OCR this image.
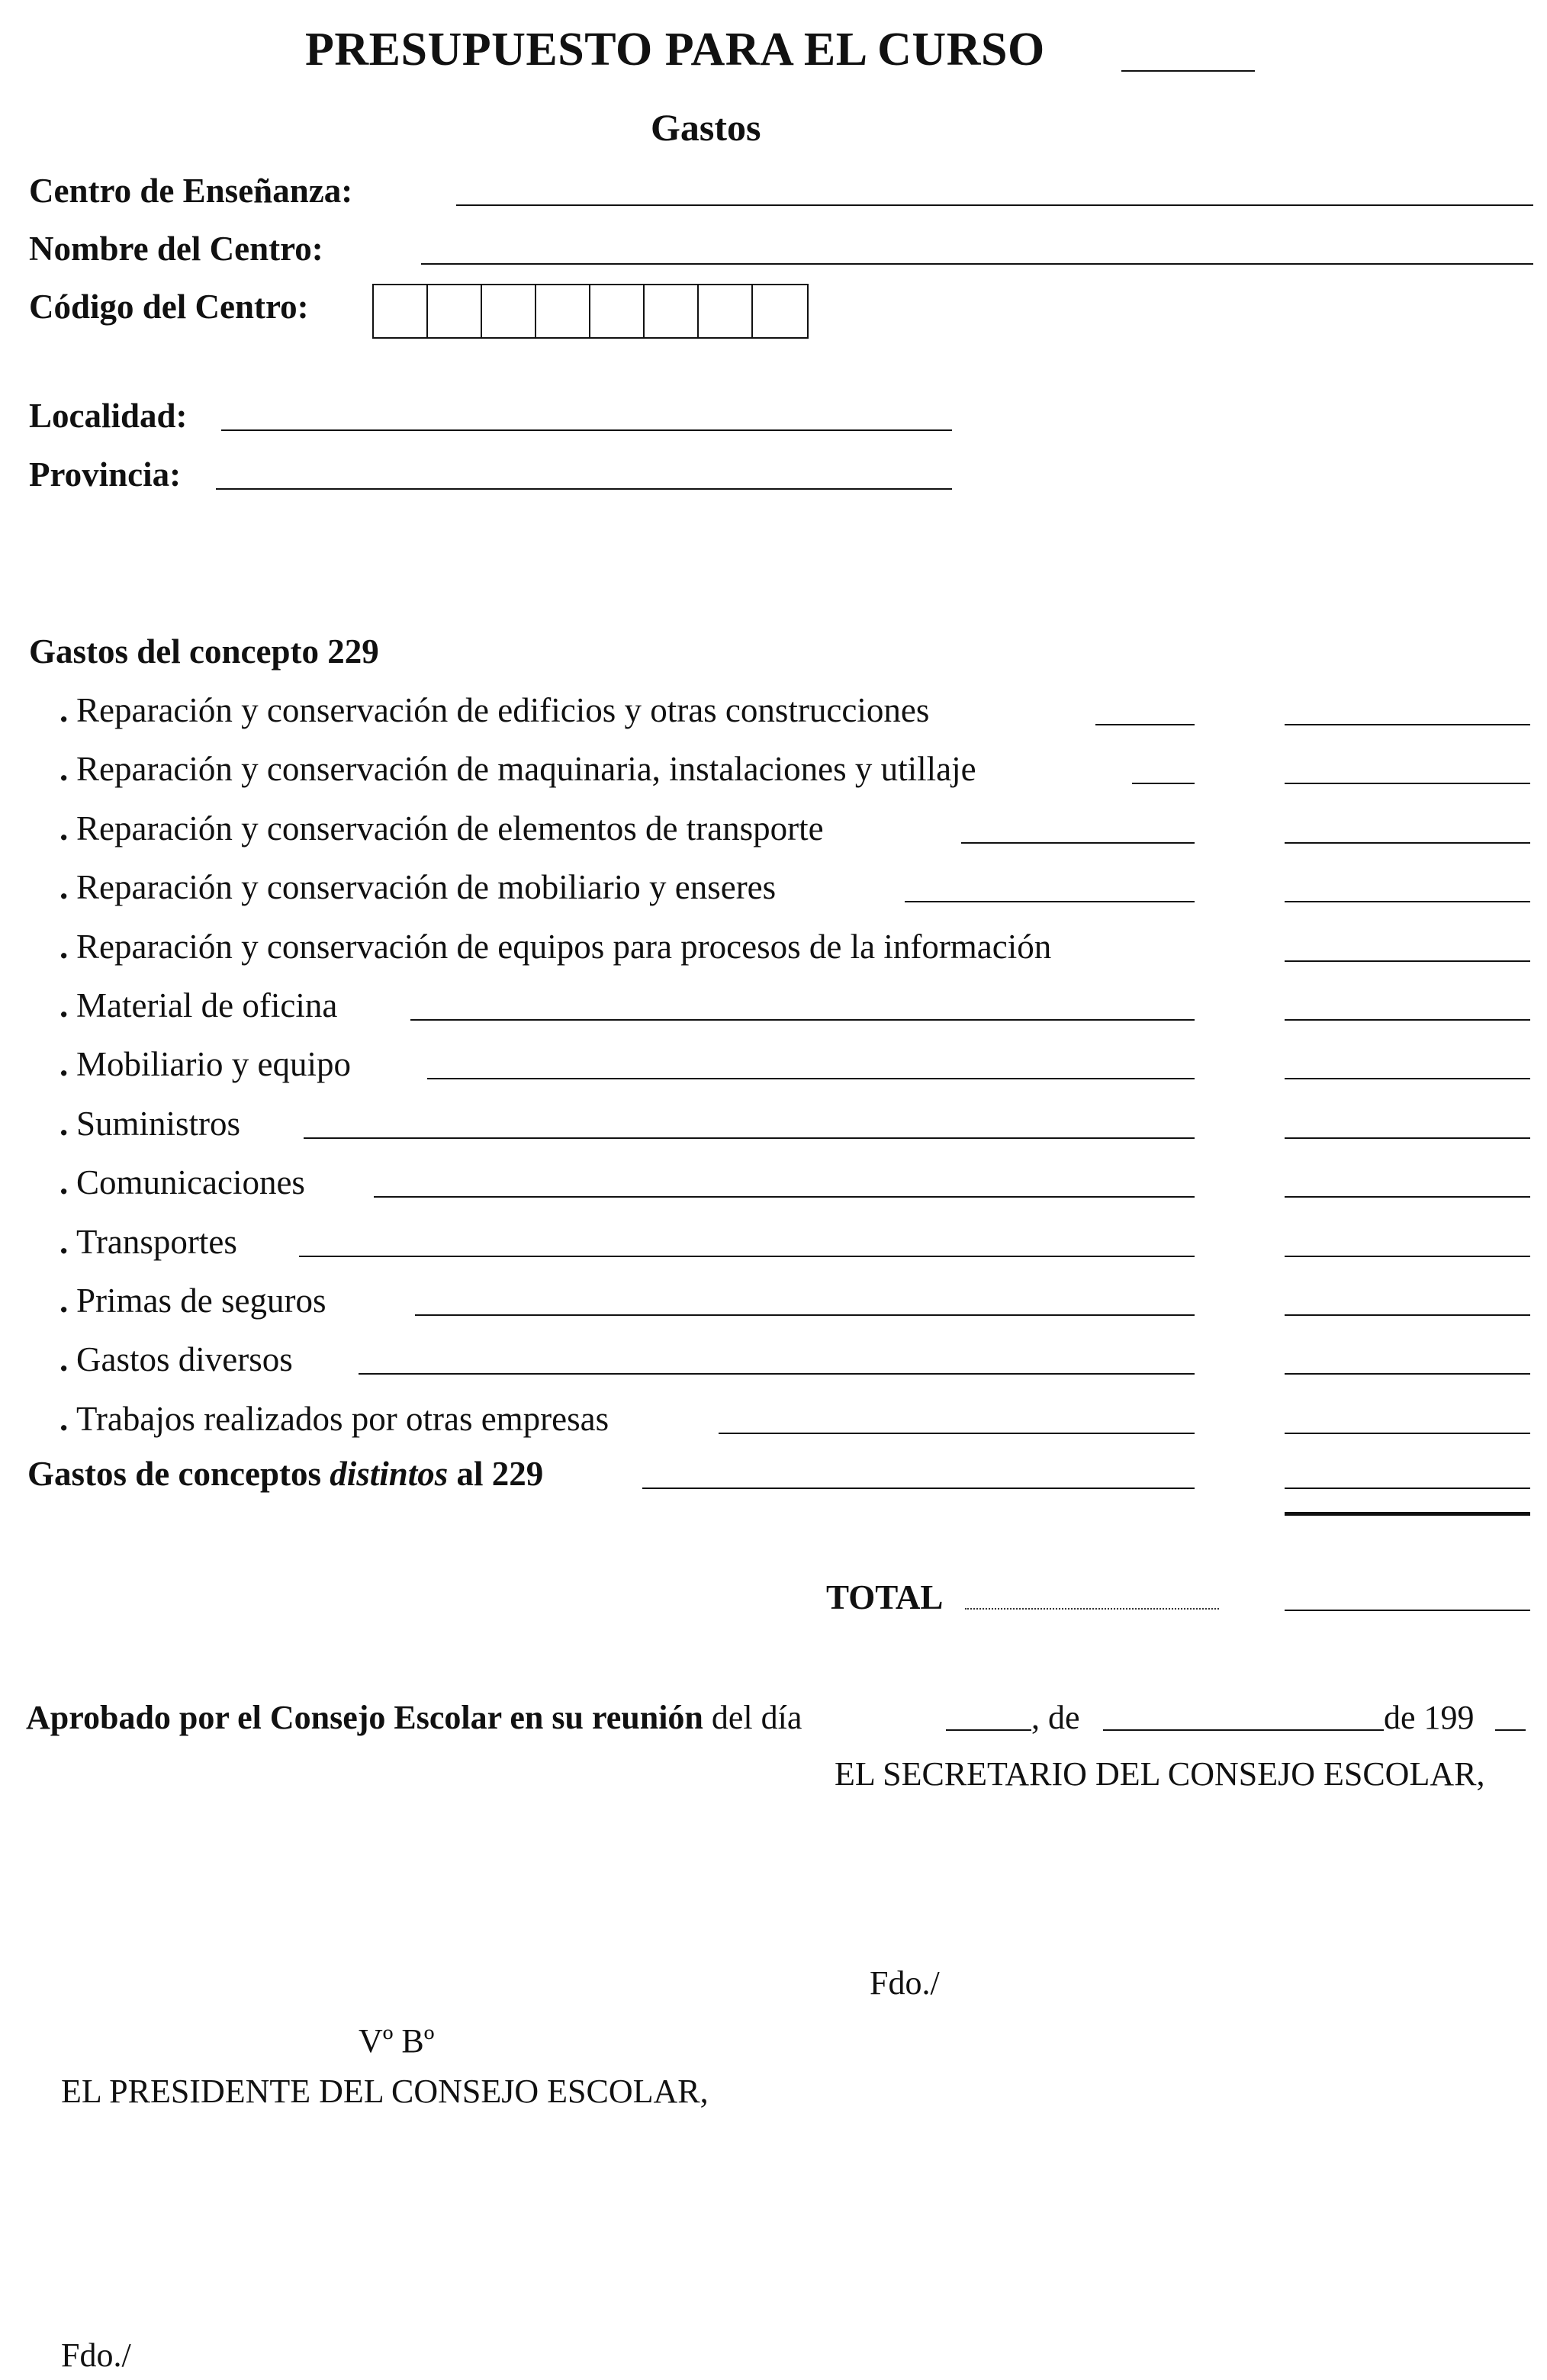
PRESUPUESTO PARA EL CURSO
Gastos
Centro de Enseñanza:
Nombre del Centro:
Código del Centro:
Localidad:
Provincia:
Gastos del concepto 229
. Reparación y conservación de edificios y otras construcciones
. Reparación y conservación de maquinaria, instalaciones y utillaje
. Reparación y conservación de elementos de transporte
. Reparación y conservación de mobiliario y enseres
. Reparación y conservación de equipos para procesos de la información
. Material de oficina
. Mobiliario y equipo
. Suministros
. Comunicaciones
. Transportes
. Primas de seguros
. Gastos diversos
. Trabajos realizados por otras empresas
Gastos de conceptos distintos al 229
TOTAL
Aprobado por el Consejo Escolar en su reunión del día	, de	de 199
EL SECRETARIO DEL CONSEJO ESCOLAR,
Fdo./
Vº Bº
EL PRESIDENTE DEL CONSEJO ESCOLAR,
Fdo./
